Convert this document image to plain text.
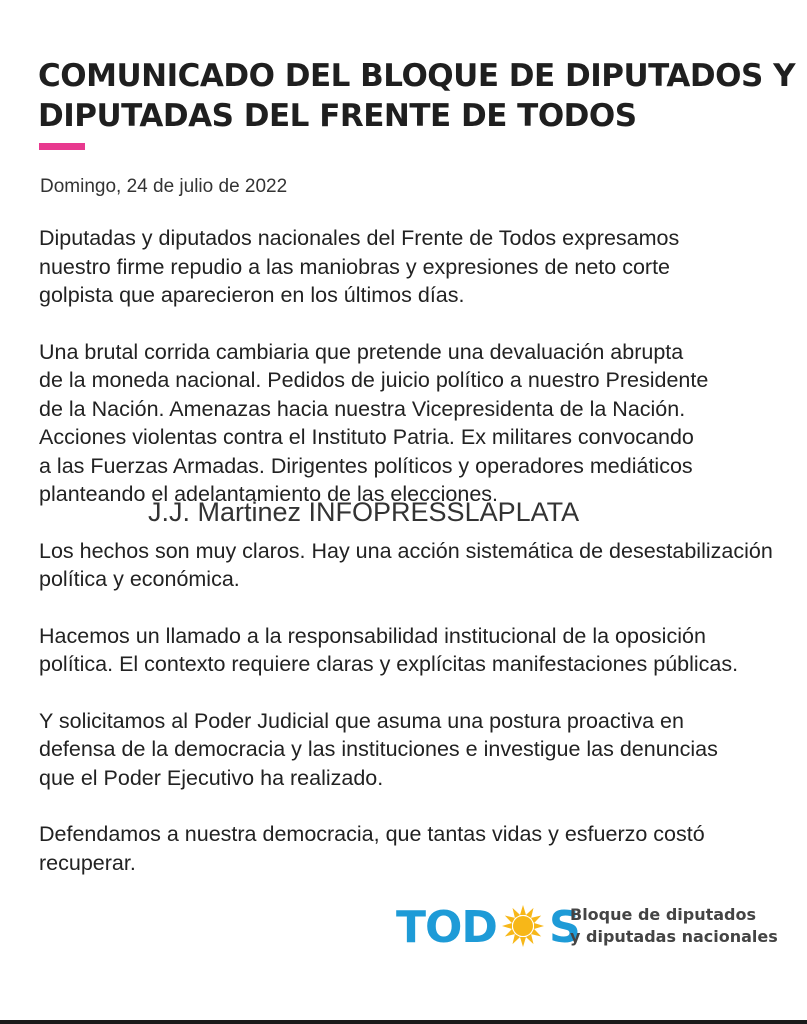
COMUNICADO DEL BLOQUE DE DIPUTADOS Y
DIPUTADAS DEL FRENTE DE TODOS
Domingo, 24 de julio de 2022

Diputadas y diputados nacionales del Frente de Todos expresamos
nuestro firme repudio a las maniobras y expresiones de neto corte
golpista que aparecieron en los últimos días.

Una brutal corrida cambiaria que pretende una devaluación abrupta
de la moneda nacional. Pedidos de juicio político a nuestro Presidente
de la Nación. Amenazas hacia nuestra Vicepresidenta de la Nación.
Acciones violentas contra el Instituto Patria. Ex militares convocando
a las Fuerzas Armadas. Dirigentes políticos y operadores mediáticos
planteando el adelantamiento de las elecciones.

Los hechos son muy claros. Hay una acción sistemática de desestabilización
política y económica.

Hacemos un llamado a la responsabilidad institucional de la oposición
política. El contexto requiere claras y explícitas manifestaciones públicas.

Y solicitamos al Poder Judicial que asuma una postura proactiva en
defensa de la democracia y las instituciones e investigue las denuncias
que el Poder Ejecutivo ha realizado.

Defendamos a nuestra democracia, que tantas vidas y esfuerzo costó
recuperar.

J.J. Martinez INFOPRESSLAPLATA
TOD S
Bloque de diputados
y diputadas nacionales
